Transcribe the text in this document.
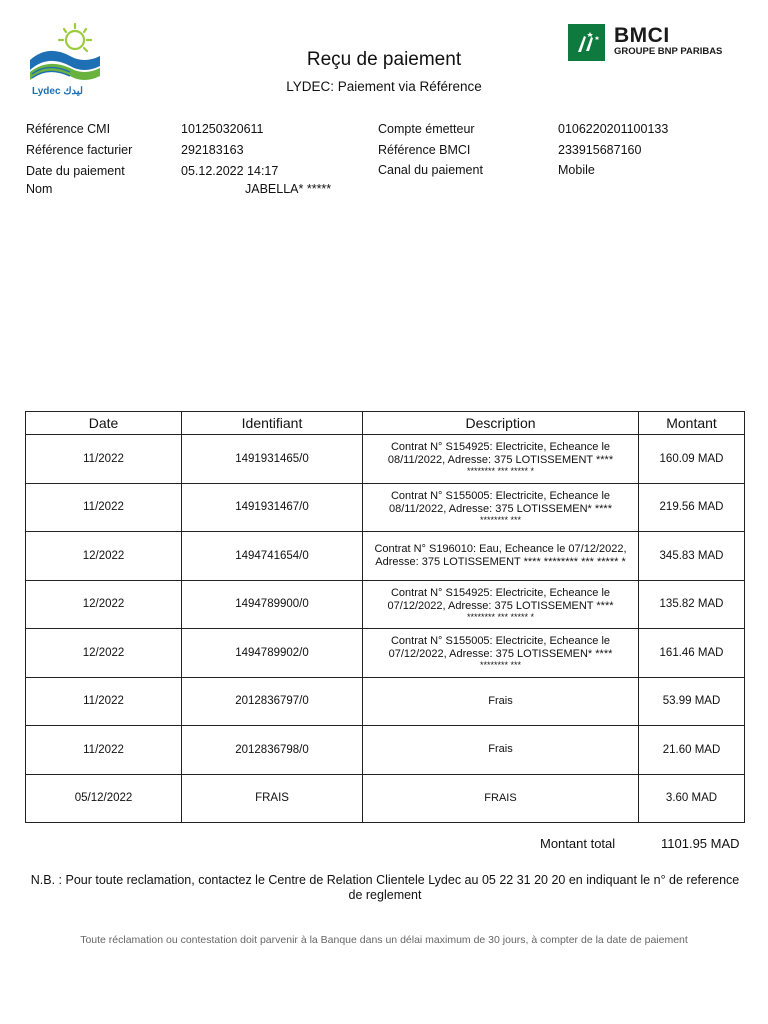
Lydec ليدك
BMCI
GROUPE BNP PARIBAS
Reçu de paiement
LYDEC: Paiement via Référence
Référence CMI	101250320611
Référence facturier	292183163
Date du paiement	05.12.2022 14:17
Nom	JABELLA* *****
Compte émetteur	0106220201100133
Référence BMCI	233915687160
Canal du paiement	Mobile
Date	Identifiant	Description	Montant
11/2022	1491931465/0	Contrat N° S154925: Electricite, Echeance le 08/11/2022, Adresse: 375 LOTISSEMENT ****
******** *** ***** *	160.09 MAD
11/2022	1491931467/0	Contrat N° S155005: Electricite, Echeance le 08/11/2022, Adresse: 375 LOTISSEMEN* ****
******** ***	219.56 MAD
12/2022	1494741654/0	Contrat N° S196010: Eau, Echeance le 07/12/2022, Adresse: 375 LOTISSEMENT **** ******** *** ***** *	345.83 MAD
12/2022	1494789900/0	Contrat N° S154925: Electricite, Echeance le 07/12/2022, Adresse: 375 LOTISSEMENT ****
******** *** ***** *	135.82 MAD
12/2022	1494789902/0	Contrat N° S155005: Electricite, Echeance le 07/12/2022, Adresse: 375 LOTISSEMEN* ****
******** ***	161.46 MAD
11/2022	2012836797/0	Frais	53.99 MAD
11/2022	2012836798/0	Frais	21.60 MAD
05/12/2022	FRAIS	FRAIS	3.60 MAD
Montant total	1101.95 MAD
N.B. : Pour toute reclamation, contactez le Centre de Relation Clientele Lydec au 05 22 31 20 20 en indiquant le n° de reference de reglement
Toute réclamation ou contestation doit parvenir à la Banque dans un délai maximum de 30 jours, à compter de la date de paiement
